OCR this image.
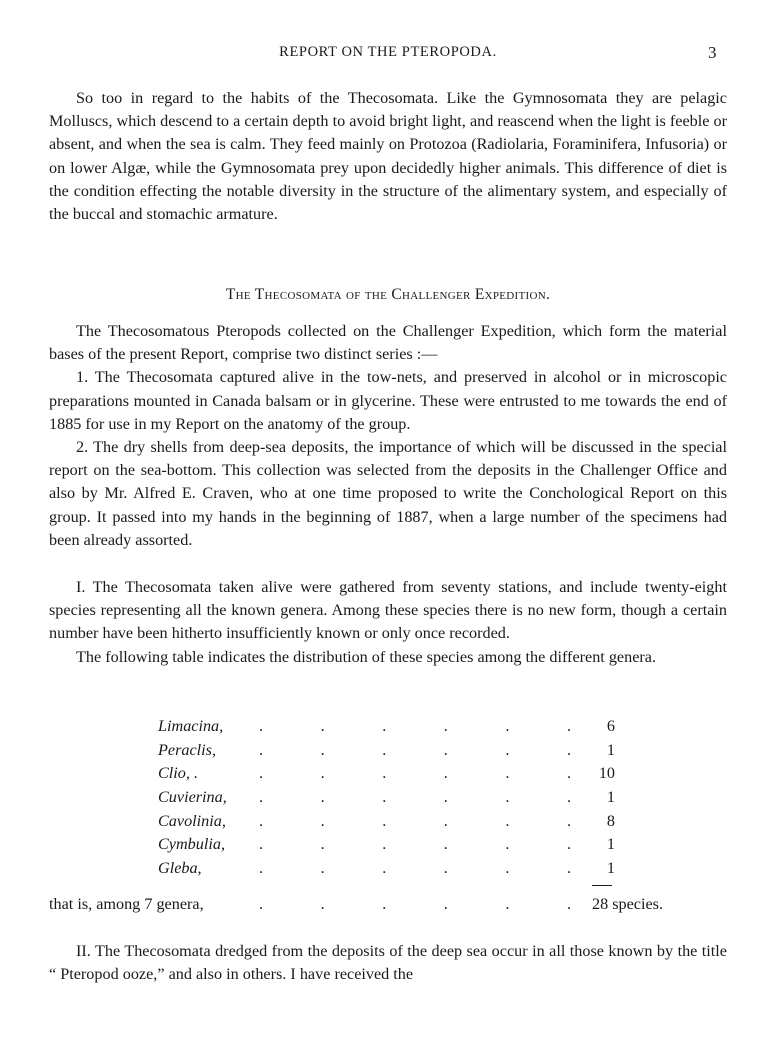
REPORT ON THE PTEROPODA.	3

So too in regard to the habits of the Thecosomata. Like the Gymnosomata they are pelagic Molluscs, which descend to a certain depth to avoid bright light, and reascend when the light is feeble or absent, and when the sea is calm. They feed mainly on Protozoa (Radiolaria, Foraminifera, Infusoria) or on lower Algæ, while the Gymnosomata prey upon decidedly higher animals. This difference of diet is the condition effecting the notable diversity in the structure of the alimentary system, and especially of the buccal and stomachic armature.

The Thecosomata of the Challenger Expedition.

The Thecosomatous Pteropods collected on the Challenger Expedition, which form the material bases of the present Report, comprise two distinct series :—

1. The Thecosomata captured alive in the tow-nets, and preserved in alcohol or in microscopic preparations mounted in Canada balsam or in glycerine. These were entrusted to me towards the end of 1885 for use in my Report on the anatomy of the group.

2. The dry shells from deep-sea deposits, the importance of which will be discussed in the special report on the sea-bottom. This collection was selected from the deposits in the Challenger Office and also by Mr. Alfred E. Craven, who at one time proposed to write the Conchological Report on this group. It passed into my hands in the beginning of 1887, when a large number of the specimens had been already assorted.

I. The Thecosomata taken alive were gathered from seventy stations, and include twenty-eight species representing all the known genera. Among these species there is no new form, though a certain number have been hitherto insufficiently known or only once recorded.

The following table indicates the distribution of these species among the different genera.

Limacina, .	.	.	.	.	.	6
Peraclis,	.	.	.	.	.	.	1
Clio, .	.	.	.	.	.	.	10
Cuvierina, .	.	.	.	.	.	1
Cavolinia, .	.	.	.	.	.	8
Cymbulia, .	.	.	.	.	.	1
Gleba,	.	.	.	.	.	.	1
that is, among 7 genera,	.	.	.	.	.	. 28 species.

II. The Thecosomata dredged from the deposits of the deep sea occur in all those known by the title “ Pteropod ooze,” and also in others. I have received the
